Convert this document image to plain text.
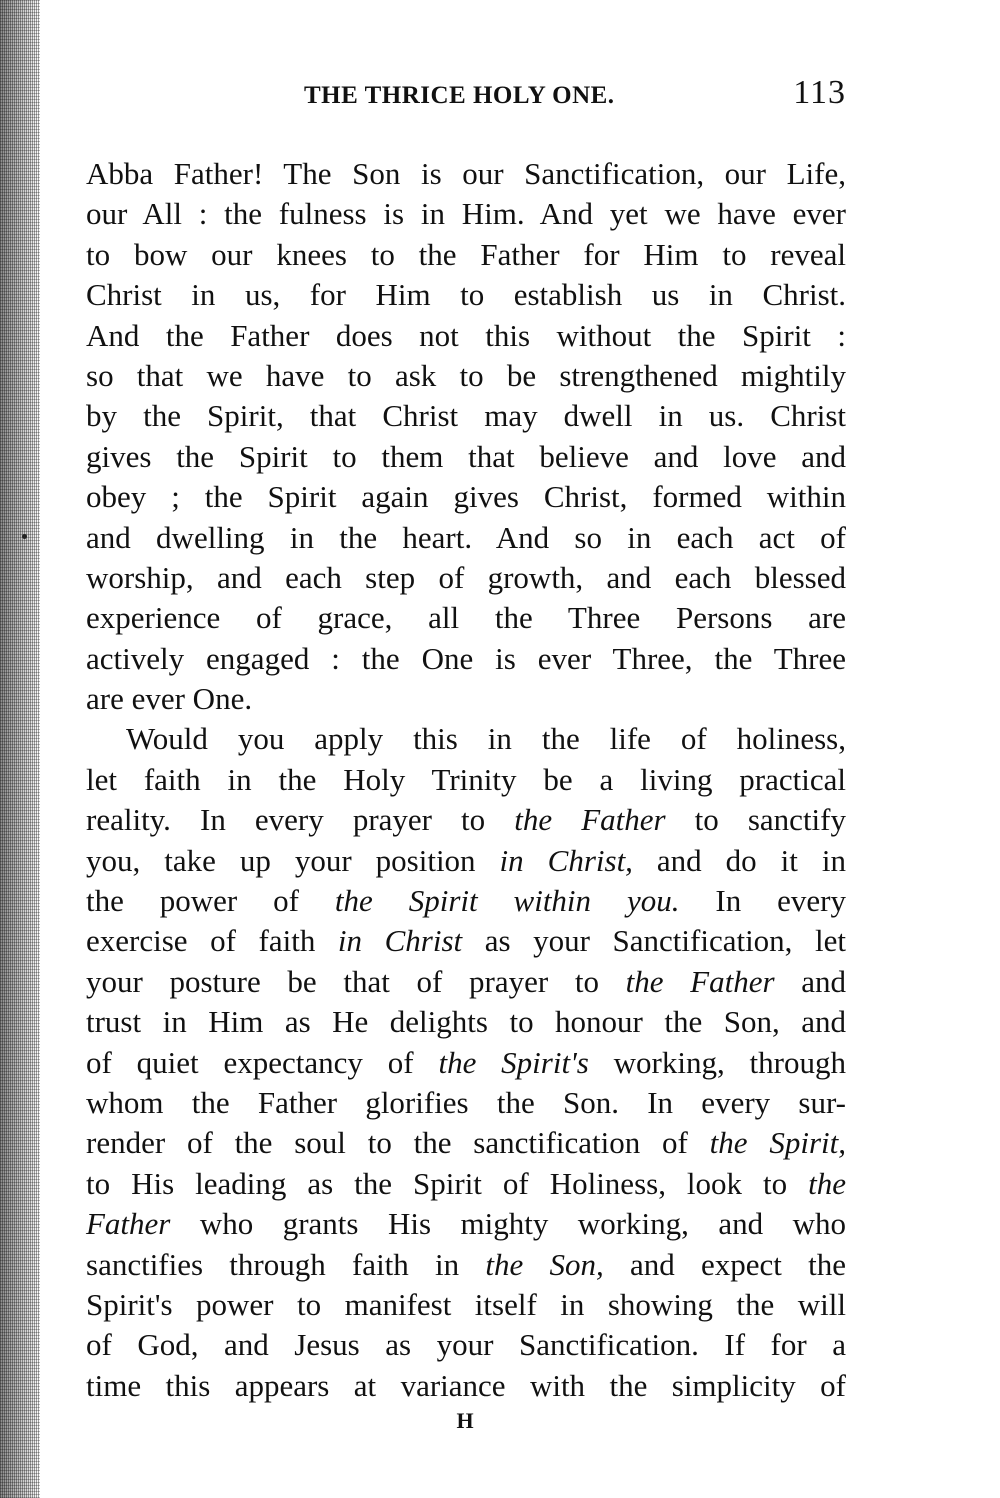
THE THRICE HOLY ONE.	113
Abba Father! The Son is our Sanctification, our Life,
our All : the fulness is in Him. And yet we have ever
to bow our knees to the Father for Him to reveal
Christ in us, for Him to establish us in Christ.
And the Father does not this without the Spirit :
so that we have to ask to be strengthened mightily
by the Spirit, that Christ may dwell in us. Christ
gives the Spirit to them that believe and love and
obey ; the Spirit again gives Christ, formed within
and dwelling in the heart. And so in each act of
worship, and each step of growth, and each blessed
experience of grace, all the Three Persons are
actively engaged : the One is ever Three, the Three
are ever One.
Would you apply this in the life of holiness,
let faith in the Holy Trinity be a living practical
reality. In every prayer to the Father to sanctify
you, take up your position in Christ, and do it in
the power of the Spirit within you. In every
exercise of faith in Christ as your Sanctification, let
your posture be that of prayer to the Father and
trust in Him as He delights to honour the Son, and
of quiet expectancy of the Spirit's working, through
whom the Father glorifies the Son. In every sur-
render of the soul to the sanctification of the Spirit,
to His leading as the Spirit of Holiness, look to the
Father who grants His mighty working, and who
sanctifies through faith in the Son, and expect the
Spirit's power to manifest itself in showing the will
of God, and Jesus as your Sanctification. If for a
time this appears at variance with the simplicity of
H
